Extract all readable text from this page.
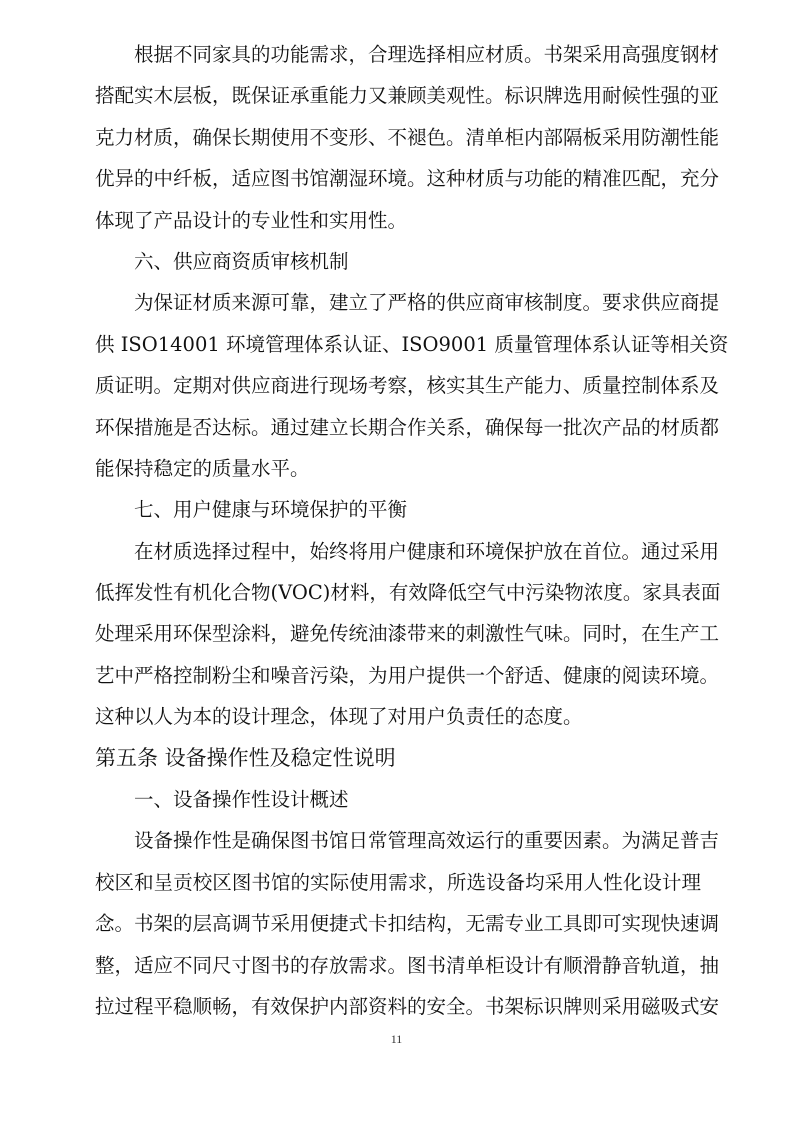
根据不同家具的功能需求，合理选择相应材质。书架采用高强度钢材
搭配实木层板，既保证承重能力又兼顾美观性。标识牌选用耐候性强的亚
克力材质，确保长期使用不变形、不褪色。清单柜内部隔板采用防潮性能
优异的中纤板，适应图书馆潮湿环境。这种材质与功能的精准匹配，充分
体现了产品设计的专业性和实用性。
六、供应商资质审核机制
为保证材质来源可靠，建立了严格的供应商审核制度。要求供应商提
供 ISO14001 环境管理体系认证、ISO9001 质量管理体系认证等相关资
质证明。定期对供应商进行现场考察，核实其生产能力、质量控制体系及
环保措施是否达标。通过建立长期合作关系，确保每一批次产品的材质都
能保持稳定的质量水平。
七、用户健康与环境保护的平衡
在材质选择过程中，始终将用户健康和环境保护放在首位。通过采用
低挥发性有机化合物(VOC)材料，有效降低空气中污染物浓度。家具表面
处理采用环保型涂料，避免传统油漆带来的刺激性气味。同时，在生产工
艺中严格控制粉尘和噪音污染，为用户提供一个舒适、健康的阅读环境。
这种以人为本的设计理念，体现了对用户负责任的态度。
第五条 设备操作性及稳定性说明
一、设备操作性设计概述
设备操作性是确保图书馆日常管理高效运行的重要因素。为满足普吉
校区和呈贡校区图书馆的实际使用需求，所选设备均采用人性化设计理
念。书架的层高调节采用便捷式卡扣结构，无需专业工具即可实现快速调
整，适应不同尺寸图书的存放需求。图书清单柜设计有顺滑静音轨道，抽
拉过程平稳顺畅，有效保护内部资料的安全。书架标识牌则采用磁吸式安
11
